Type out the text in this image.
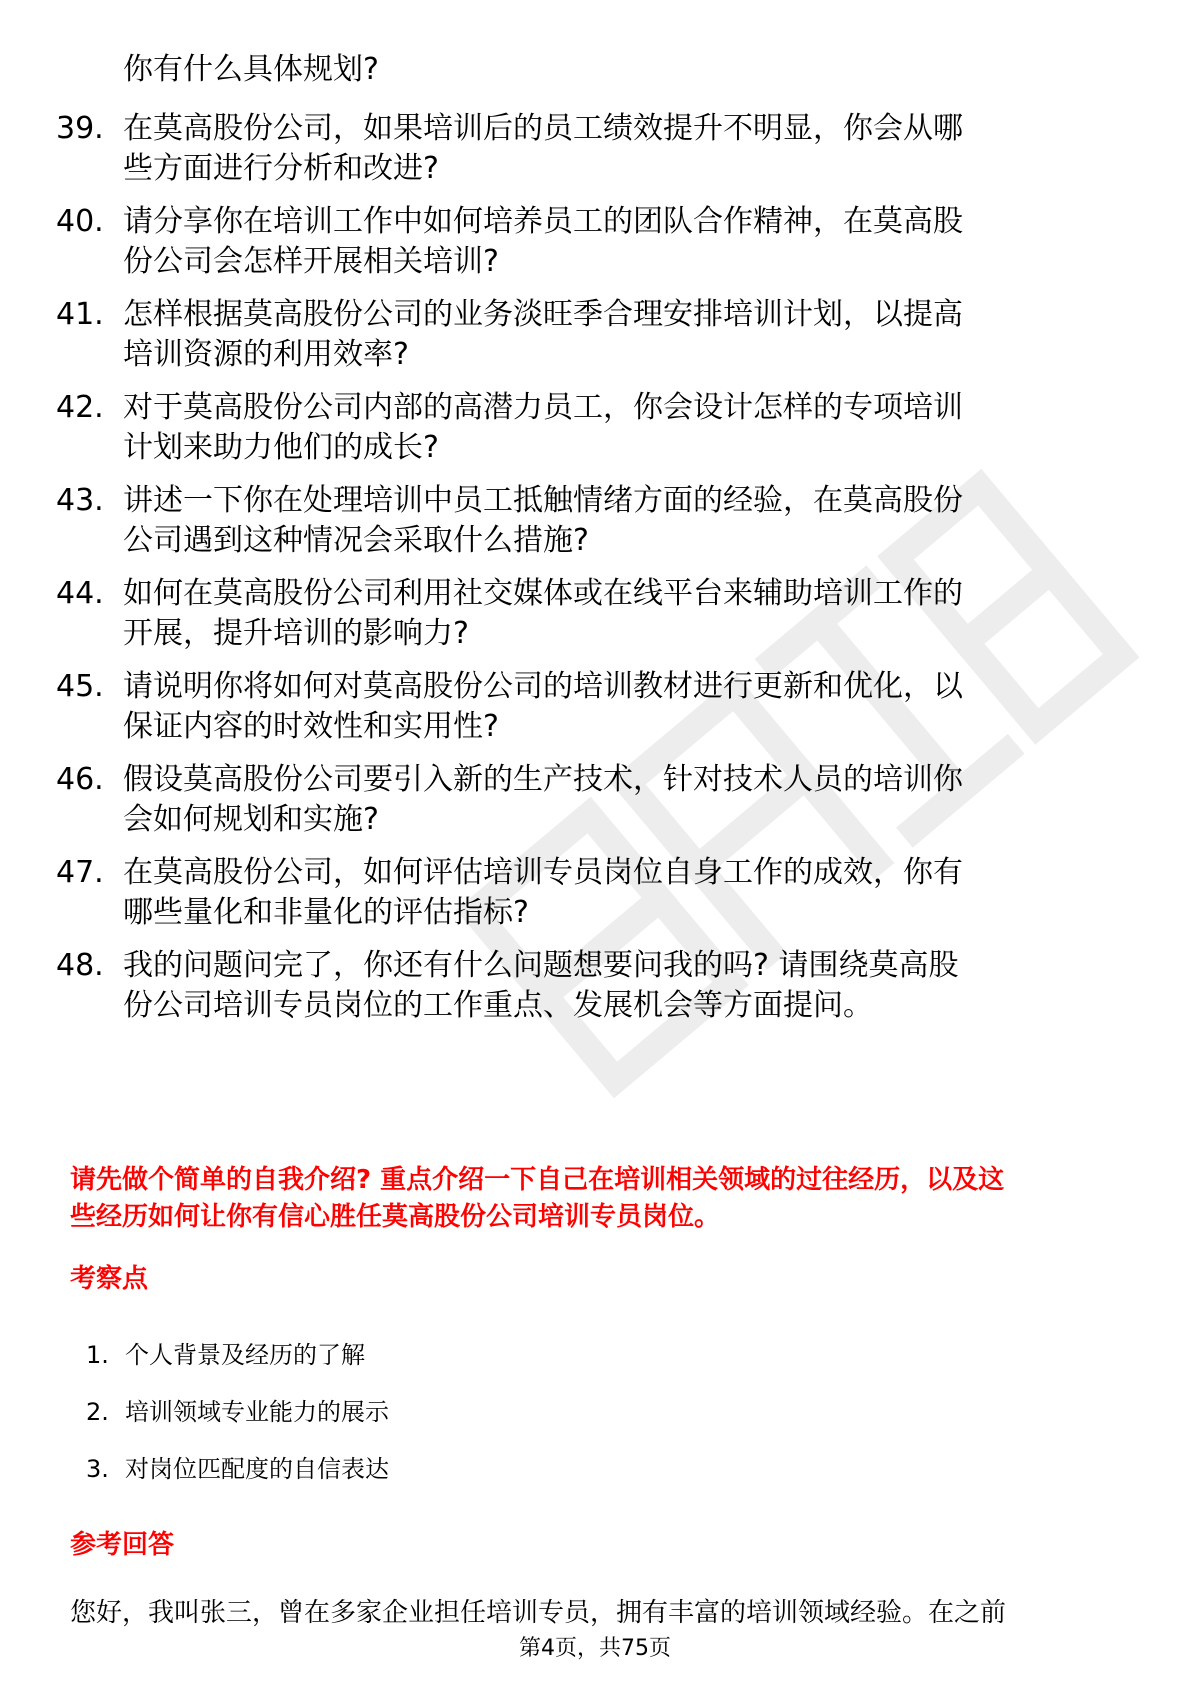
你有什么具体规划?
39. 在莫高股份公司，如果培训后的员工绩效提升不明显，你会从哪
些方面进行分析和改进?
40. 请分享你在培训工作中如何培养员工的团队合作精神，在莫高股
份公司会怎样开展相关培训?
41. 怎样根据莫高股份公司的业务淡旺季合理安排培训计划，以提高
培训资源的利用效率?
42. 对于莫高股份公司内部的高潜力员工，你会设计怎样的专项培训
计划来助力他们的成长?
43. 讲述一下你在处理培训中员工抵触情绪方面的经验，在莫高股份
公司遇到这种情况会采取什么措施?
44. 如何在莫高股份公司利用社交媒体或在线平台来辅助培训工作的
开展，提升培训的影响力?
45. 请说明你将如何对莫高股份公司的培训教材进行更新和优化，以
保证内容的时效性和实用性?
46. 假设莫高股份公司要引入新的生产技术，针对技术人员的培训你
会如何规划和实施?
47. 在莫高股份公司，如何评估培训专员岗位自身工作的成效，你有
哪些量化和非量化的评估指标?
48. 我的问题问完了，你还有什么问题想要问我的吗? 请围绕莫高股
份公司培训专员岗位的工作重点、发展机会等方面提问。
请先做个简单的自我介绍? 重点介绍一下自己在培训相关领域的过往经历，以及这
些经历如何让你有信心胜任莫高股份公司培训专员岗位。
考察点
1. 个人背景及经历的了解
2. 培训领域专业能力的展示
3. 对岗位匹配度的自信表达
参考回答
您好，我叫张三，曾在多家企业担任培训专员，拥有丰富的培训领域经验。在之前
第4页，共75页
